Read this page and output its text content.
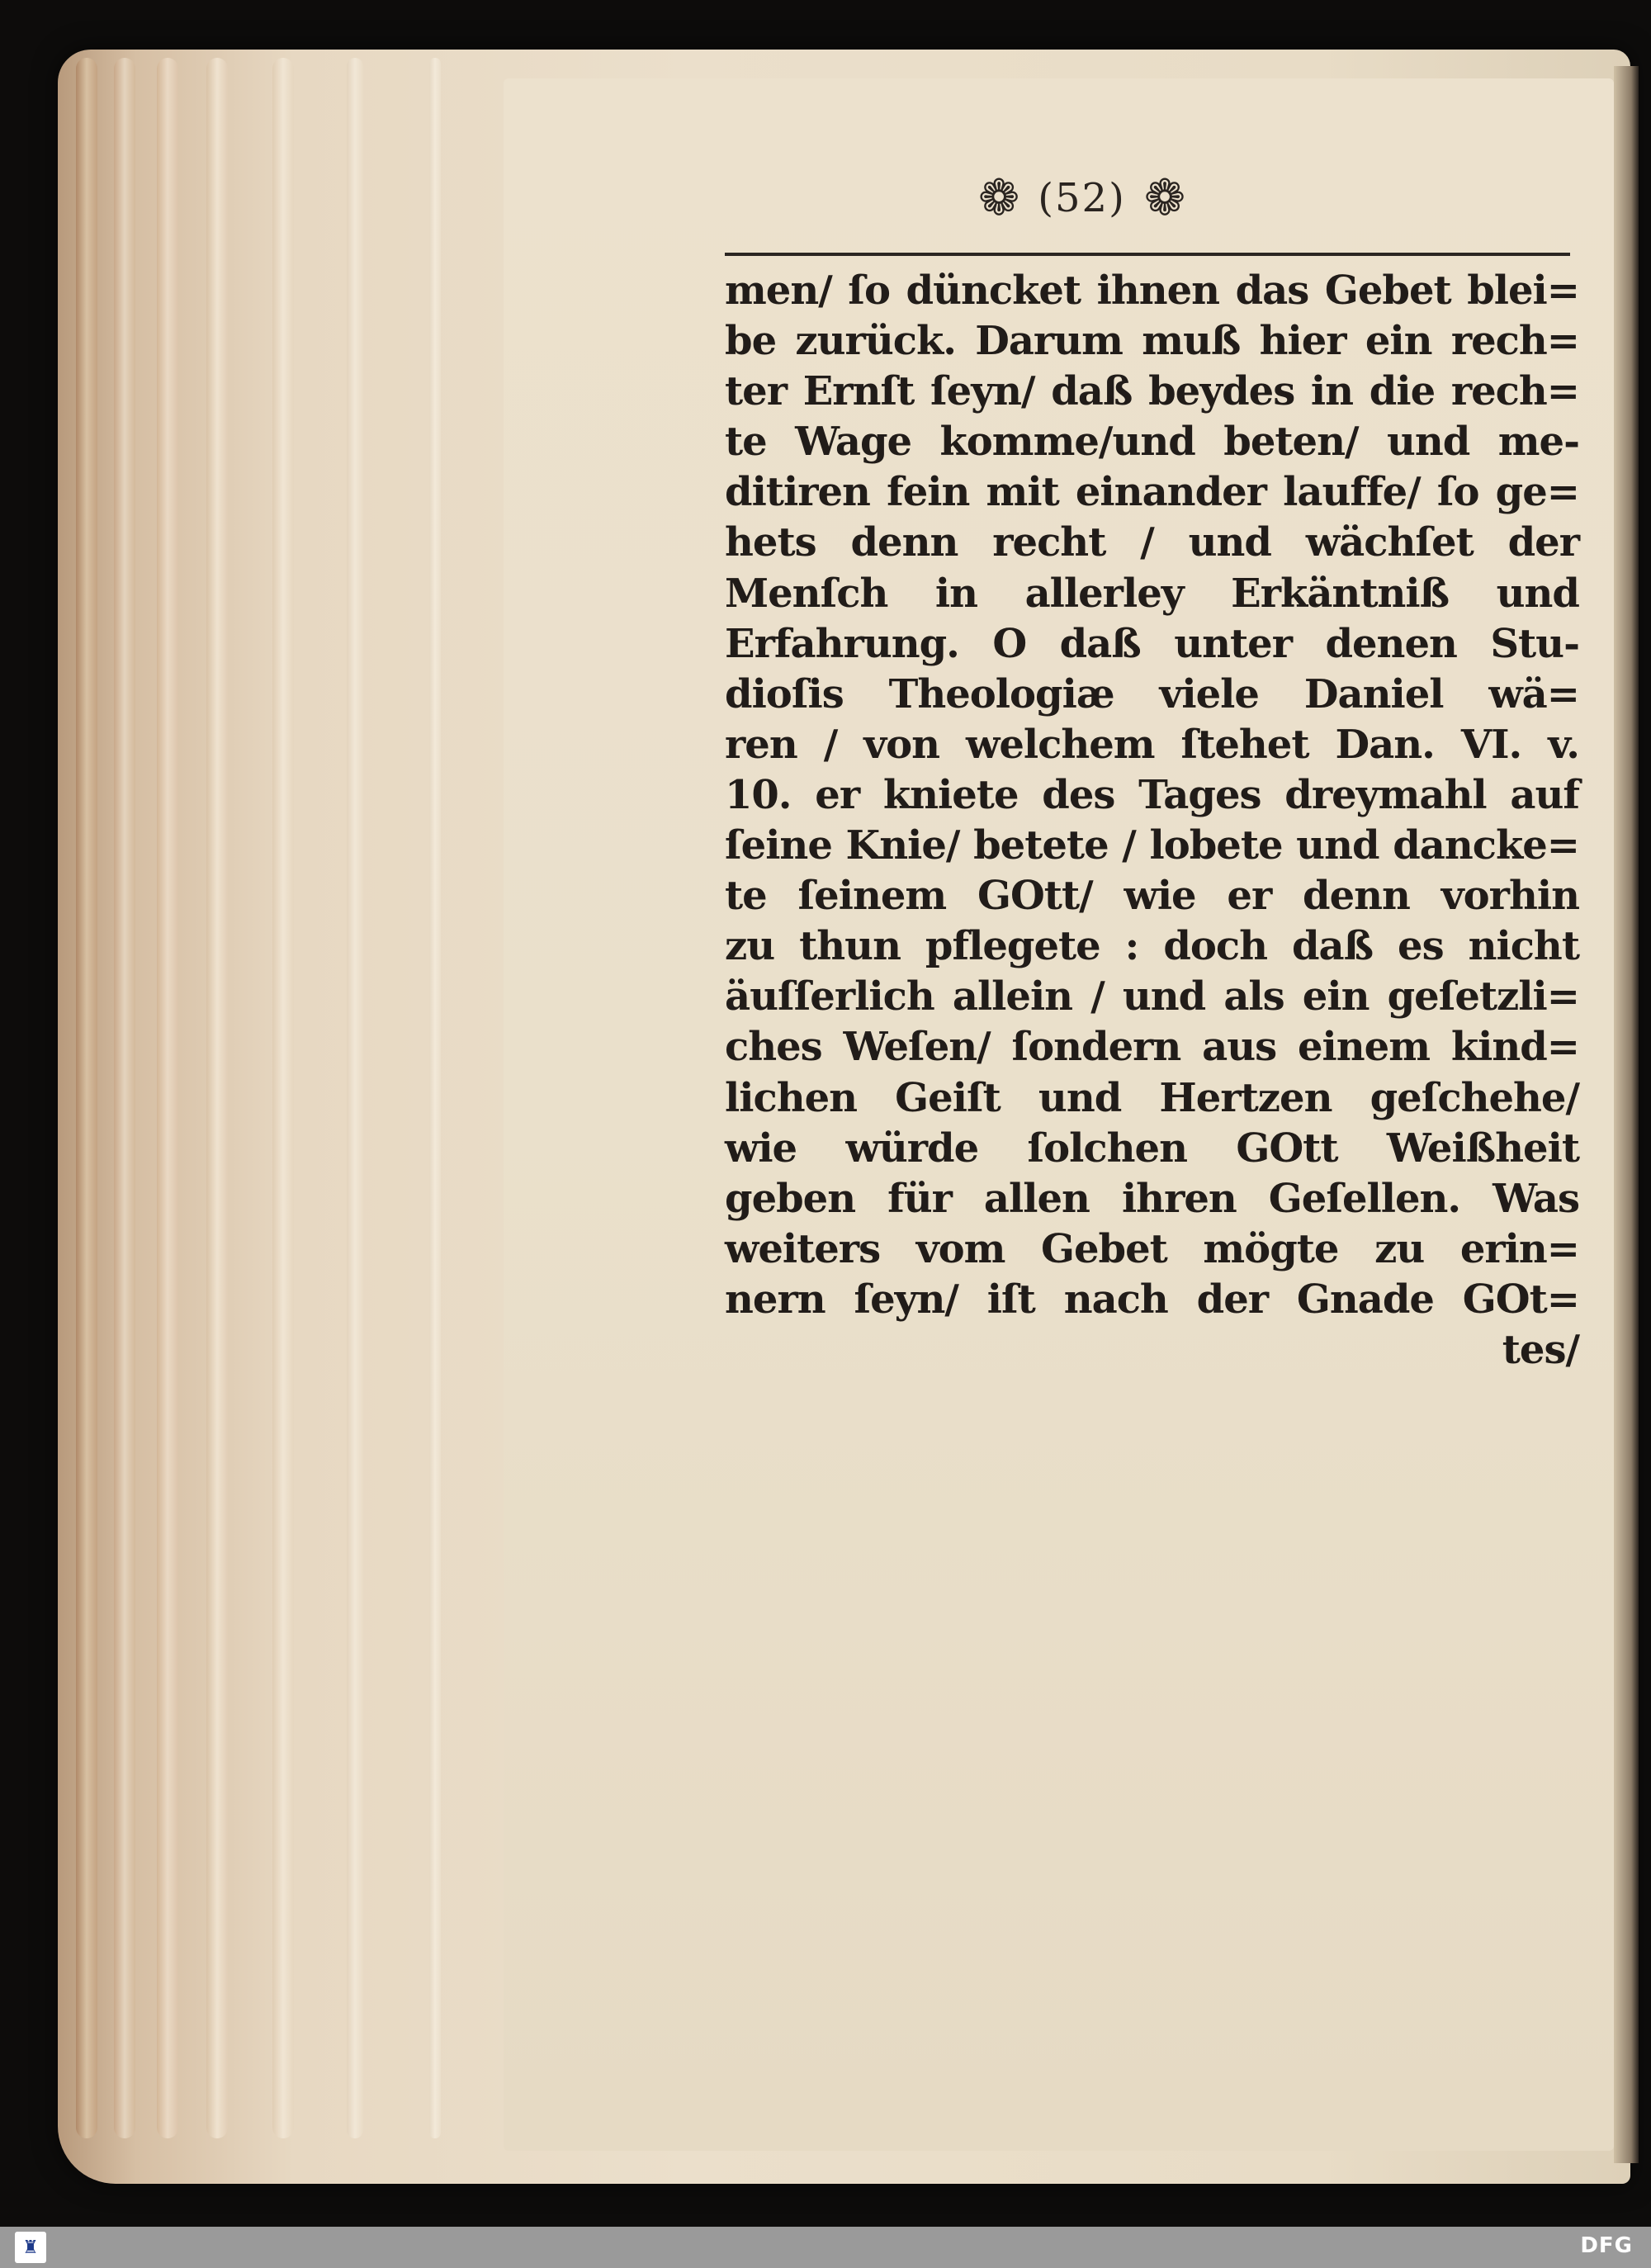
❁ (52) ❁
men/ ſo düncket ihnen das Gebet blei=
be zurück. Darum muß hier ein rech=
ter Ernſt ſeyn/ daß beydes in die rech=
te Wage komme/und beten/ und me-
ditiren fein mit einander lauffe/ ſo ge=
hets denn recht / und wächſet der
Menſch in allerley Erkäntniß und
Erfahrung. O daß unter denen Stu-
dioſis Theologiæ viele Daniel wä=
ren / von welchem ſtehet Dan. VI. v.
10. er kniete des Tages dreymahl auf
ſeine Knie/ betete / lobete und dancke=
te ſeinem GOtt/ wie er denn vorhin
zu thun pflegete : doch daß es nicht
äuſſerlich allein / und als ein geſetzli=
ches Weſen/ ſondern aus einem kind=
lichen Geiſt und Hertzen geſchehe/
wie würde ſolchen GOtt Weißheit
geben für allen ihren Geſellen. Was
weiters vom Gebet mögte zu erin=
nern ſeyn/ iſt nach der Gnade GOt=
tes/
♜	DFG
